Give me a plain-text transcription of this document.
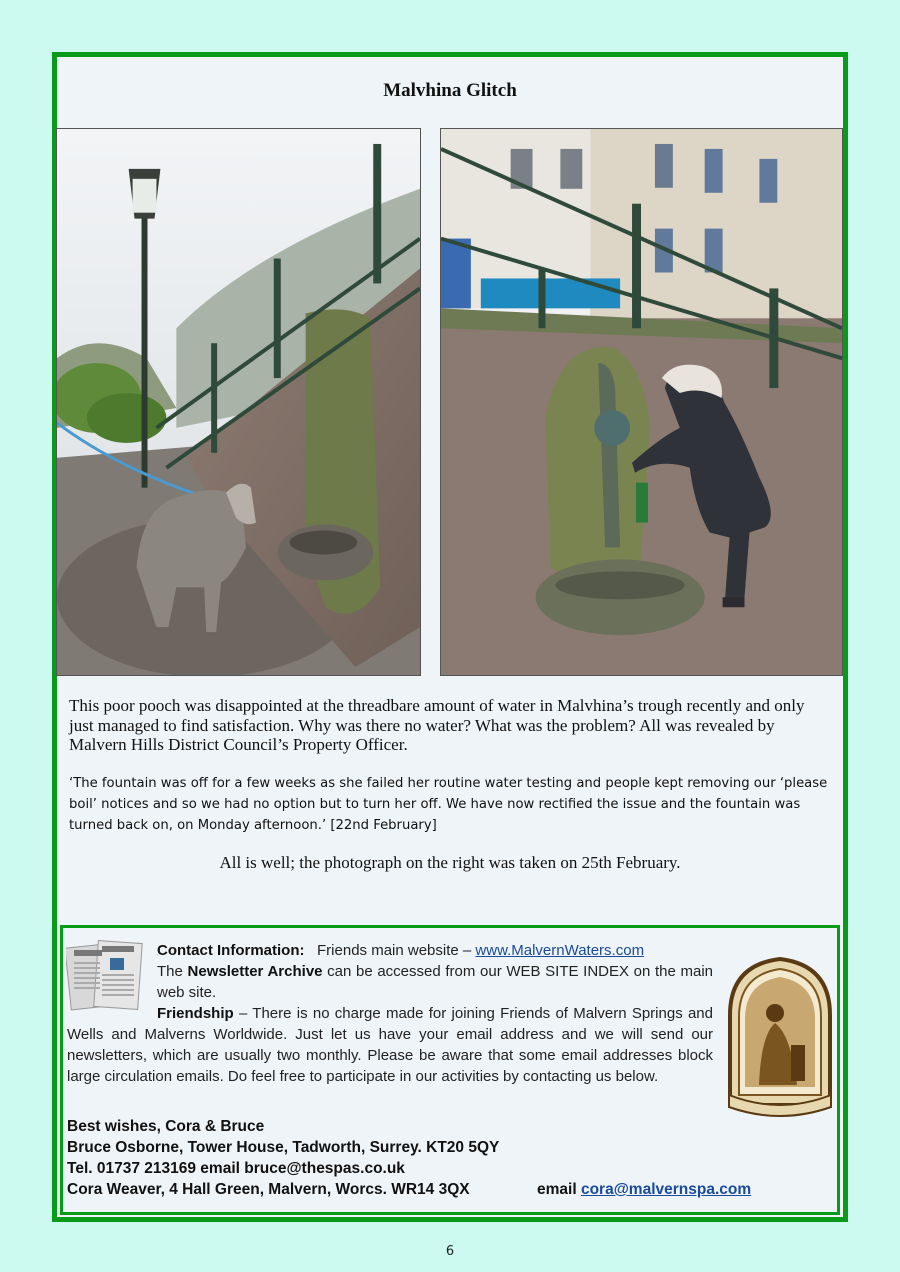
Malvhina Glitch

This poor pooch was disappointed at the threadbare amount of water in Malvhina’s trough recently and only just managed to find satisfaction. Why was there no water? What was the problem? All was revealed by Malvern Hills District Council’s Property Officer.

‘The fountain was off for a few weeks as she failed her routine water testing and people kept removing our ‘please boil’ notices and so we had no option but to turn her off. We have now rectified the issue and the fountain was turned back on, on Monday afternoon.’ [22nd February]

All is well; the photograph on the right was taken on 25th February.

Contact Information: Friends main website – www.MalvernWaters.com
The Newsletter Archive can be accessed from our WEB SITE INDEX on the main web site.
Friendship – There is no charge made for joining Friends of Malvern Springs and Wells and Malverns Worldwide. Just let us have your email address and we will send our newsletters, which are usually two monthly. Please be aware that some email addresses block large circulation emails. Do feel free to participate in our activities by contacting us below.
Best wishes, Cora & Bruce
Bruce Osborne, Tower House, Tadworth, Surrey. KT20 5QY
Tel. 01737 213169 email bruce@thespas.co.uk
Cora Weaver, 4 Hall Green, Malvern, Worcs. WR14 3QX	email cora@malvernspa.com
6
